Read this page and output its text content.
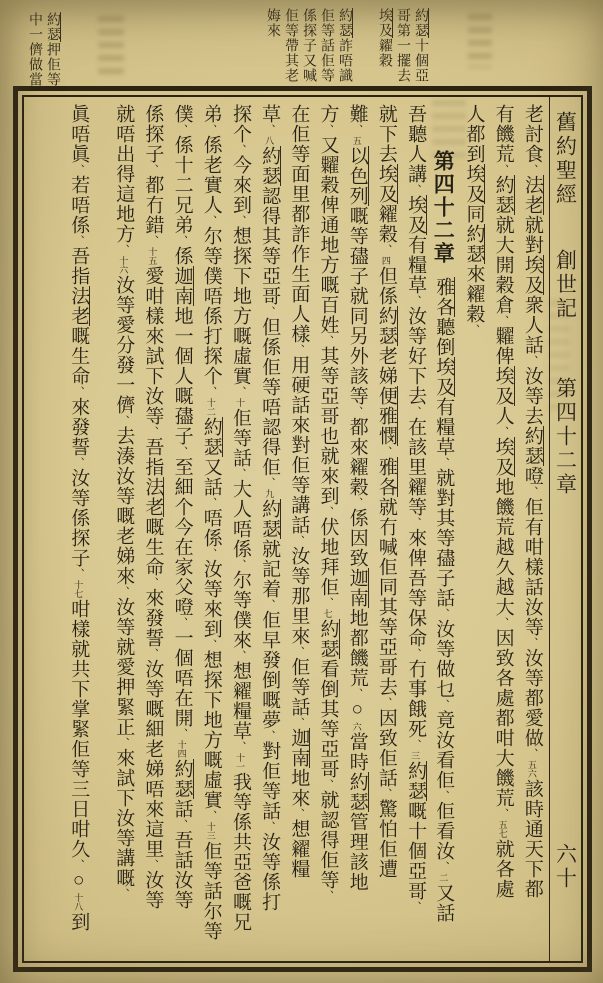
約瑟十個亞
哥第一擺去
埃及糴穀
約瑟詐唔識
佢等話佢等
係探子又喊
佢等帶其老
娒來
約瑟押佢等
中一儕做當
舊約聖經
創世記
第四十二章
六十
老討食、法老就對埃及衆人話、汝等去約瑟噔、佢有咁樣話汝等、汝等都愛做、五六該時通天下都
有饑荒、約瑟就大開穀倉、糶俾埃及人、埃及地饑荒越久越大、因致各處都咁大饑荒、五七就各處
人都到埃及同約瑟來糴穀、
第四十二章雅各聽倒埃及有糧草、就對其等孻子話、汝等做乜、竟汝看佢、佢看汝、二又話
吾聽人講、埃及有糧草、汝等好下去、在該里糴等、來俾吾等保命、冇事餓死、三約瑟嘅十個亞哥、
就下去埃及糴穀、四但係約瑟老娣便雅憫、雅各就冇喊佢同其等亞哥去、因致佢話、驚怕佢遭
難、五以色列嘅等孻子就同另外該等、都來糴穀、係因致迦南地都饑荒、○六當時約瑟管理該地
方、又糶穀俾通地方嘅百姓、其等亞哥也就來到、伏地拜佢、七約瑟看倒其等亞哥、就認得佢等、
在佢等面里都詐作生面人樣、用硬話來對佢等講話、汝等那里來、佢等話、迦南地來、想糴糧
草、八約瑟認得其等亞哥、但係佢等唔認得佢、九約瑟就記着、佢早發倒嘅夢、對佢等話、汝等係打
探个、今來到、想探下地方嘅虛實、十佢等話、大人唔係、尔等僕來、想糴糧草、十一我等係共亞爸嘅兄
弟、係老實人、尔等僕唔係打探个、十二約瑟又話、唔係、汝等來到、想探下地方嘅虛實、十三佢等話尔等
僕、係十二兄弟、係迦南地一個人嘅孻子、至細个今在家父噔、一個唔在開、十四約瑟話、吾話汝等
係探子、都冇錯、十五愛咁樣來試下汝等、吾指法老嘅生命、來發誓、汝等嘅細老娣唔來這里、汝等
就唔出得這地方、十六汝等愛分發一儕、去湊汝等嘅老娣來、汝等就愛押緊正、來試下汝等講嘅、
眞唔眞、若唔係、吾指法老嘅生命、來發誓、汝等係探子、十七咁樣就共下掌緊佢等三日咁久、○十八到
